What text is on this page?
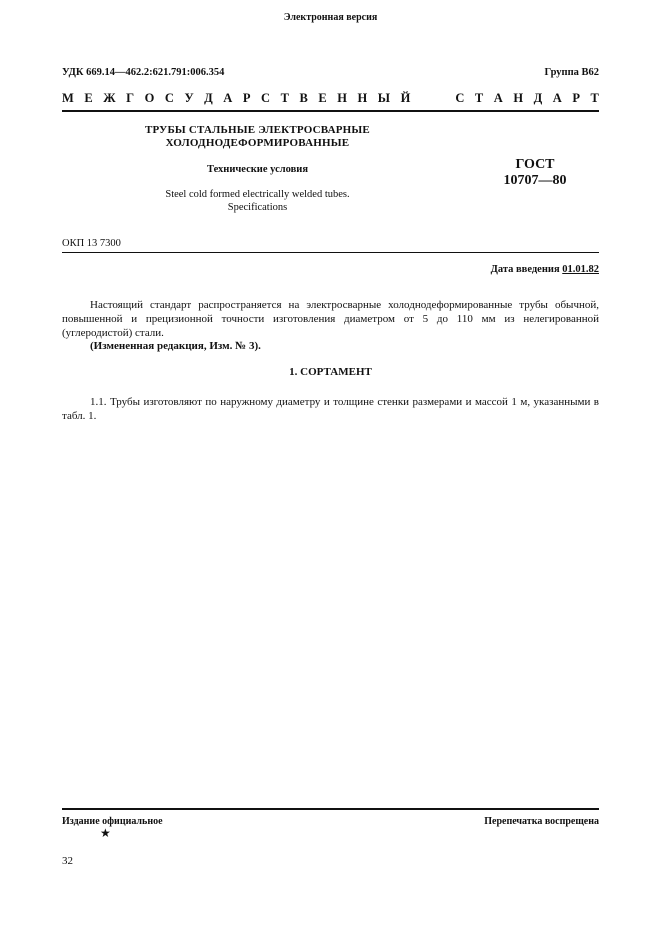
Электронная версия
УДК 669.14—462.2:621.791:006.354	Группа В62
М Е Ж Г О С У Д А Р С Т В Е Н Н Ы Й	С Т А Н Д А Р Т
ТРУБЫ СТАЛЬНЫЕ ЭЛЕКТРОСВАРНЫЕ
ХОЛОДНОДЕФОРМИРОВАННЫЕ
Технические условия
Steel cold formed electrically welded tubes.
Specifications
ГОСТ
10707—80
ОКП 13 7300
Дата введения 01.01.82
Настоящий стандарт распространяется на электросварные холоднодеформированные трубы обычной, повышенной и прецизионной точности изготовления диаметром от 5 до 110 мм из нелегированной (углеродистой) стали.
(Измененная редакция, Изм. № 3).
1. СОРТАМЕНТ
1.1. Трубы изготовляют по наружному диаметру и толщине стенки размерами и массой 1 м, указанными в табл. 1.
Издание официальное	Перепечатка воспрещена
★
32
